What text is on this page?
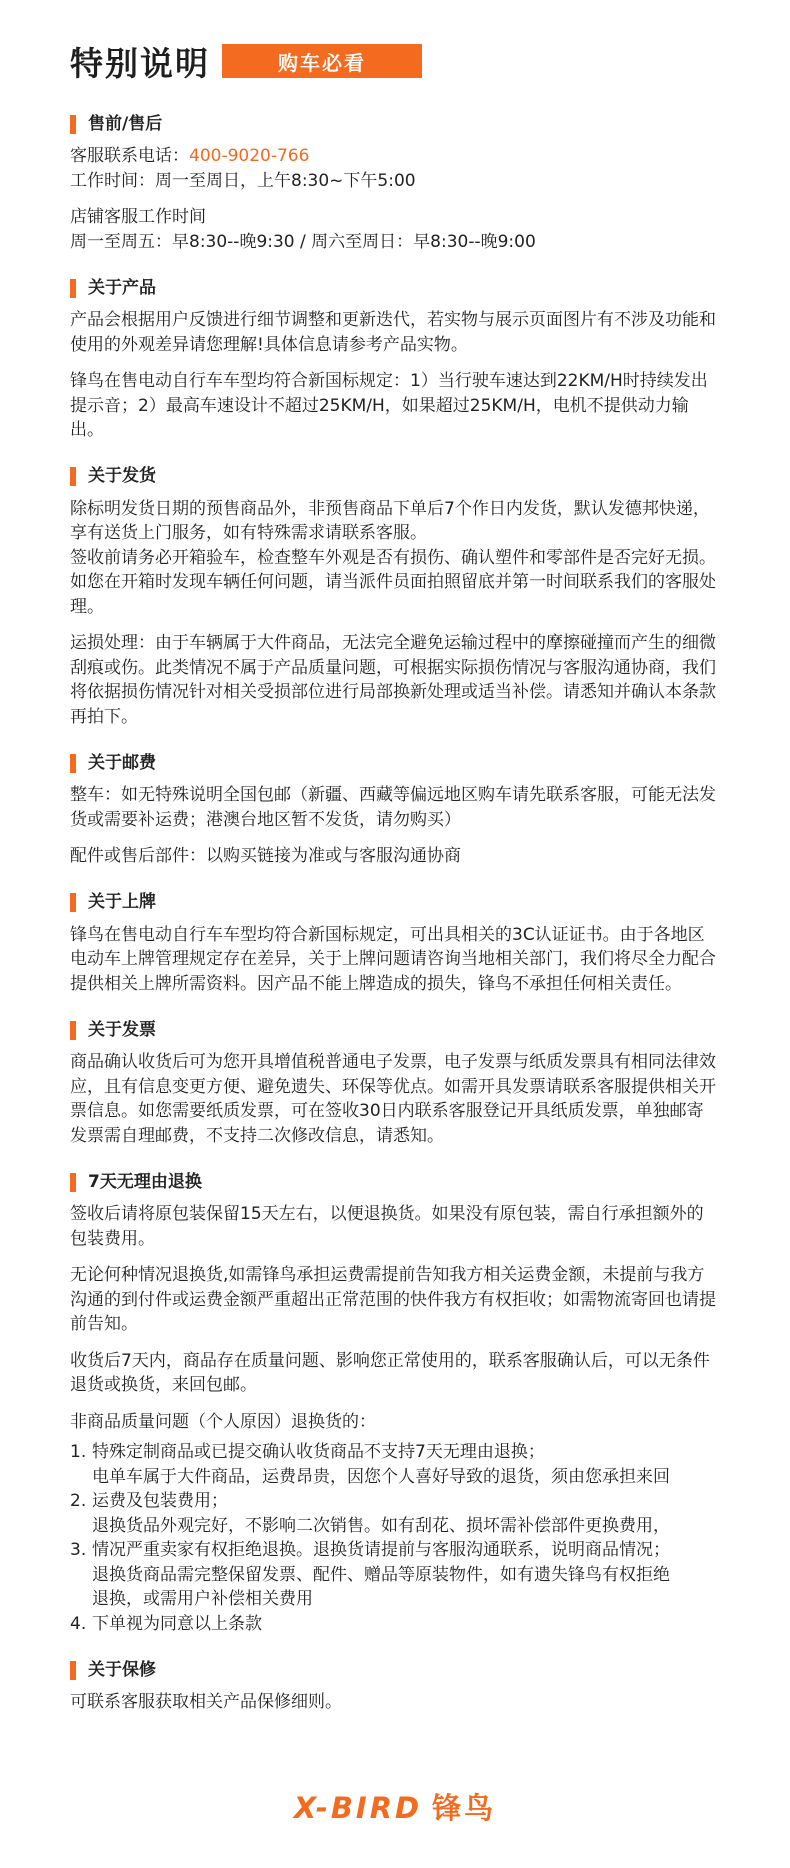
特别说明	购车必看
售前/售后
客服联系电话：400-9020-766
工作时间：周一至周日，上午8:30~下午5:00
店铺客服工作时间
周一至周五：早8:30--晚9:30 / 周六至周日：早8:30--晚9:00
关于产品

产品会根据用户反馈进行细节调整和更新迭代，若实物与展示页面图片有不涉及功能和使用的外观差异请您理解!具体信息请参考产品实物。

锋鸟在售电动自行车车型均符合新国标规定：1）当行驶车速达到22KM/H时持续发出提示音；2）最高车速设计不超过25KM/H，如果超过25KM/H，电机不提供动力输出。

关于发货

除标明发货日期的预售商品外，非预售商品下单后7个作日内发货，默认发德邦快递，享有送货上门服务，如有特殊需求请联系客服。

签收前请务必开箱验车，检查整车外观是否有损伤、确认塑件和零部件是否完好无损。如您在开箱时发现车辆任何问题，请当派件员面拍照留底并第一时间联系我们的客服处理。

运损处理：由于车辆属于大件商品，无法完全避免运输过程中的摩擦碰撞而产生的细微刮痕或伤。此类情况不属于产品质量问题，可根据实际损伤情况与客服沟通协商，我们将依据损伤情况针对相关受损部位进行局部换新处理或适当补偿。请悉知并确认本条款再拍下。

关于邮费

整车：如无特殊说明全国包邮（新疆、西藏等偏远地区购车请先联系客服，可能无法发货或需要补运费；港澳台地区暂不发货，请勿购买）

配件或售后部件：以购买链接为准或与客服沟通协商

关于上牌

锋鸟在售电动自行车车型均符合新国标规定，可出具相关的3C认证证书。由于各地区电动车上牌管理规定存在差异，关于上牌问题请咨询当地相关部门，我们将尽全力配合提供相关上牌所需资料。因产品不能上牌造成的损失，锋鸟不承担任何相关责任。

关于发票

商品确认收货后可为您开具增值税普通电子发票，电子发票与纸质发票具有相同法律效应，且有信息变更方便、避免遗失、环保等优点。如需开具发票请联系客服提供相关开票信息。如您需要纸质发票，可在签收30日内联系客服登记开具纸质发票，单独邮寄发票需自理邮费，不支持二次修改信息，请悉知。

7天无理由退换

签收后请将原包装保留15天左右，以便退换货。如果没有原包装，需自行承担额外的包装费用。

无论何种情况退换货,如需锋鸟承担运费需提前告知我方相关运费金额，未提前与我方沟通的到付件或运费金额严重超出正常范围的快件我方有权拒收；如需物流寄回也请提前告知。

收货后7天内，商品存在质量问题、影响您正常使用的，联系客服确认后，可以无条件退货或换货，来回包邮。

非商品质量问题（个人原因）退换货的：

1. 特殊定制商品或已提交确认收货商品不支持7天无理由退换；
电单车属于大件商品，运费昂贵，因您个人喜好导致的退货，须由您承担来回
2. 运费及包装费用；
退换货品外观完好，不影响二次销售。如有刮花、损坏需补偿部件更换费用，
3. 情况严重卖家有权拒绝退换。退换货请提前与客服沟通联系，说明商品情况；
退换货商品需完整保留发票、配件、赠品等原装物件，如有遗失锋鸟有权拒绝
退换，或需用户补偿相关费用
4. 下单视为同意以上条款
关于保修

可联系客服获取相关产品保修细则。

X-BIRD 锋鸟
